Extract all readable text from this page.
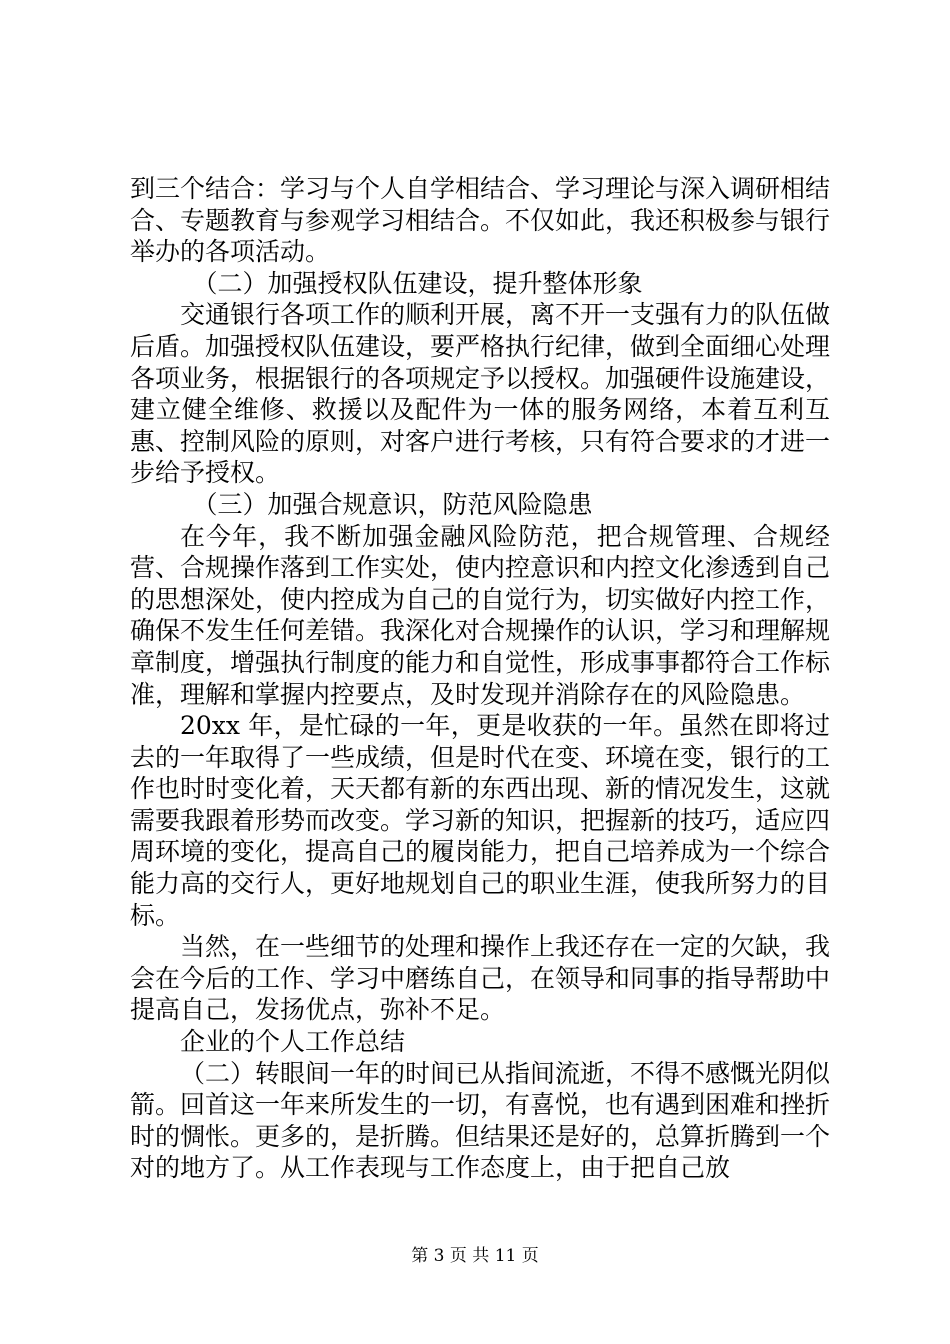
到三个结合：学习与个人自学相结合、学习理论与深入调研相结合、专题教育与参观学习相结合。不仅如此，我还积极参与银行举办的各项活动。

（二）加强授权队伍建设，提升整体形象

交通银行各项工作的顺利开展，离不开一支强有力的队伍做后盾。加强授权队伍建设，要严格执行纪律，做到全面细心处理各项业务，根据银行的各项规定予以授权。加强硬件设施建设，建立健全维修、救援以及配件为一体的服务网络，本着互利互惠、控制风险的原则，对客户进行考核，只有符合要求的才进一步给予授权。

（三）加强合规意识，防范风险隐患

在今年，我不断加强金融风险防范，把合规管理、合规经营、合规操作落到工作实处，使内控意识和内控文化渗透到自己的思想深处，使内控成为自己的自觉行为，切实做好内控工作，确保不发生任何差错。我深化对合规操作的认识，学习和理解规章制度，增强执行制度的能力和自觉性，形成事事都符合工作标准，理解和掌握内控要点，及时发现并消除存在的风险隐患。

20xx 年，是忙碌的一年，更是收获的一年。虽然在即将过去的一年取得了一些成绩，但是时代在变、环境在变，银行的工作也时时变化着，天天都有新的东西出现、新的情况发生，这就需要我跟着形势而改变。学习新的知识，把握新的技巧，适应四周环境的变化，提高自己的履岗能力，把自己培养成为一个综合能力高的交行人，更好地规划自己的职业生涯，使我所努力的目标。

当然，在一些细节的处理和操作上我还存在一定的欠缺，我会在今后的工作、学习中磨练自己，在领导和同事的指导帮助中提高自己，发扬优点，弥补不足。

企业的个人工作总结

（二）转眼间一年的时间已从指间流逝，不得不感慨光阴似箭。回首这一年来所发生的一切，有喜悦，也有遇到困难和挫折时的惆怅。更多的，是折腾。但结果还是好的，总算折腾到一个对的地方了。从工作表现与工作态度上，由于把自己放

第 3 页 共 11 页
